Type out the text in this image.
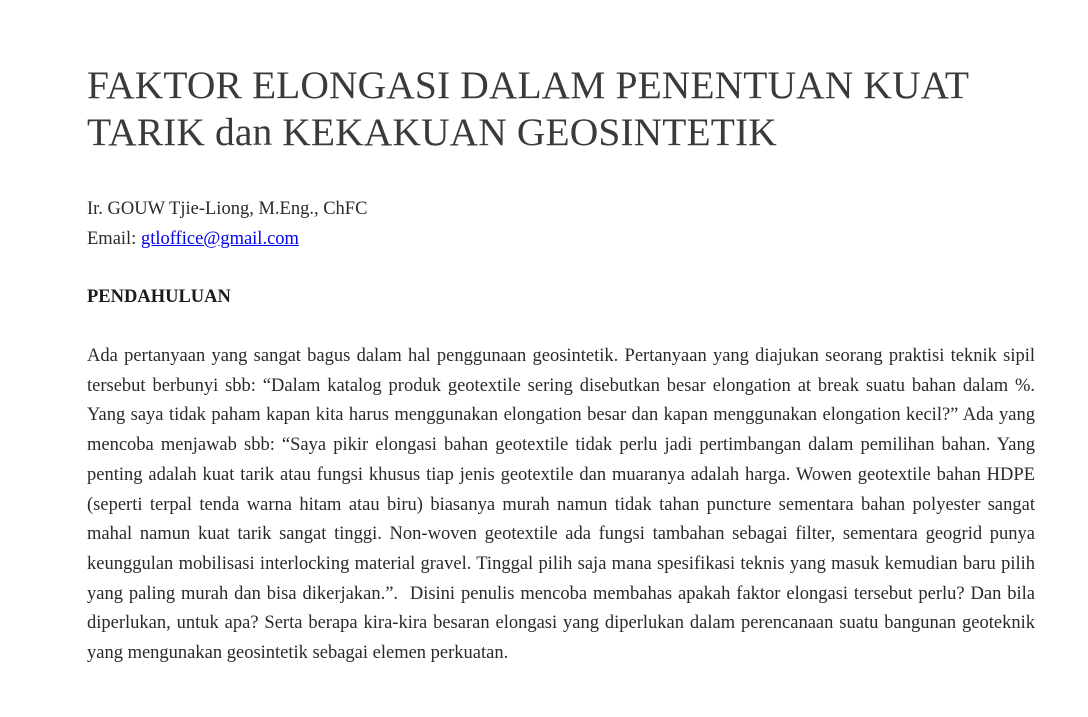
FAKTOR ELONGASI DALAM PENENTUAN KUAT
TARIK dan KEKAKUAN GEOSINTETIK
Ir. GOUW Tjie-Liong, M.Eng., ChFC
Email: gtloffice@gmail.com
PENDAHULUAN

Ada pertanyaan yang sangat bagus dalam hal penggunaan geosintetik. Pertanyaan yang diajukan seorang praktisi teknik sipil tersebut berbunyi sbb: “Dalam katalog produk geotextile sering disebutkan besar elongation at break suatu bahan dalam %. Yang saya tidak paham kapan kita harus menggunakan elongation besar dan kapan menggunakan elongation kecil?” Ada yang mencoba menjawab sbb: “Saya pikir elongasi bahan geotextile tidak perlu jadi pertimbangan dalam pemilihan bahan. Yang penting adalah kuat tarik atau fungsi khusus tiap jenis geotextile dan muaranya adalah harga. Wowen geotextile bahan HDPE (seperti terpal tenda warna hitam atau biru) biasanya murah namun tidak tahan puncture sementara bahan polyester sangat mahal namun kuat tarik sangat tinggi. Non-woven geotextile ada fungsi tambahan sebagai filter, sementara geogrid punya keunggulan mobilisasi interlocking material gravel. Tinggal pilih saja mana spesifikasi teknis yang masuk kemudian baru pilih yang paling murah dan bisa dikerjakan.”. Disini penulis mencoba membahas apakah faktor elongasi tersebut perlu? Dan bila diperlukan, untuk apa? Serta berapa kira-kira besaran elongasi yang diperlukan dalam perencanaan suatu bangunan geoteknik yang mengunakan geosintetik sebagai elemen perkuatan.
